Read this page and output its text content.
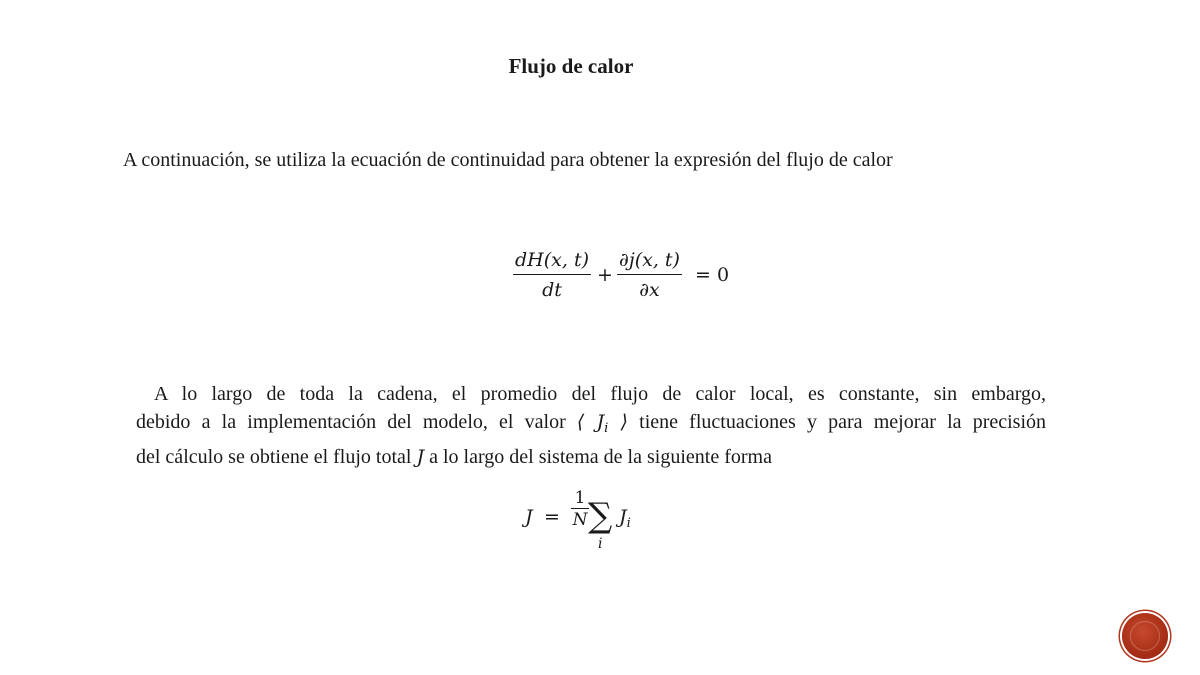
Flujo de calor
A continuación, se utiliza la ecuación de continuidad para obtener la expresión del flujo de calor
$\frac{dH(x, t)}{dt} + \frac{\partial j(x, t)}{\partial x} = 0$
A lo largo de toda la cadena, el promedio del flujo de calor local, es constante, sin embargo,
debido a la implementación del modelo, el valor ⟨ $J_i$ ⟩ tiene fluctuaciones y para mejorar la precisión
del cálculo se obtiene el flujo total J a lo largo del sistema de la siguiente forma
$J = \frac{1}{N}$ ∑
i
$J_i$
